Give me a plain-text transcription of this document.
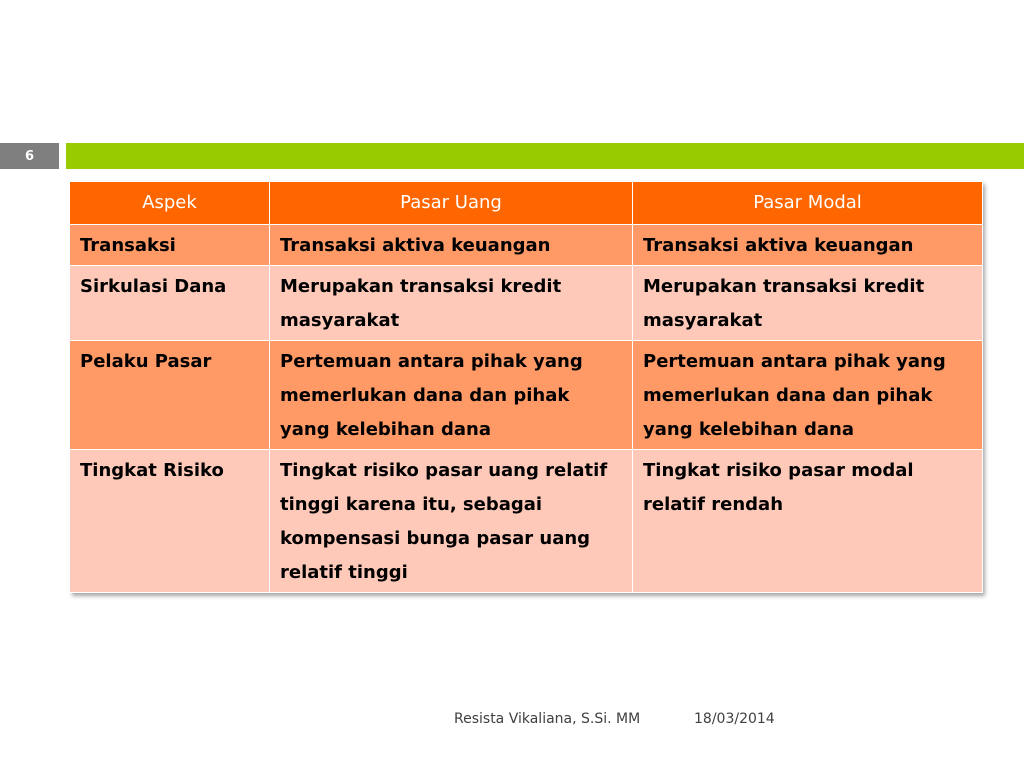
6
Aspek	Pasar Uang	Pasar Modal
Transaksi	Transaksi aktiva keuangan	Transaksi aktiva keuangan
Sirkulasi Dana	Merupakan transaksi kredit masyarakat	Merupakan transaksi kredit masyarakat
Pelaku Pasar	Pertemuan antara pihak yang memerlukan dana dan pihak yang kelebihan dana	Pertemuan antara pihak yang memerlukan dana dan pihak yang kelebihan dana
Tingkat Risiko	Tingkat risiko pasar uang relatif tinggi karena itu, sebagai kompensasi bunga pasar uang relatif tinggi	Tingkat risiko pasar modal relatif rendah
Resista Vikaliana, S.Si. MM	18/03/2014
